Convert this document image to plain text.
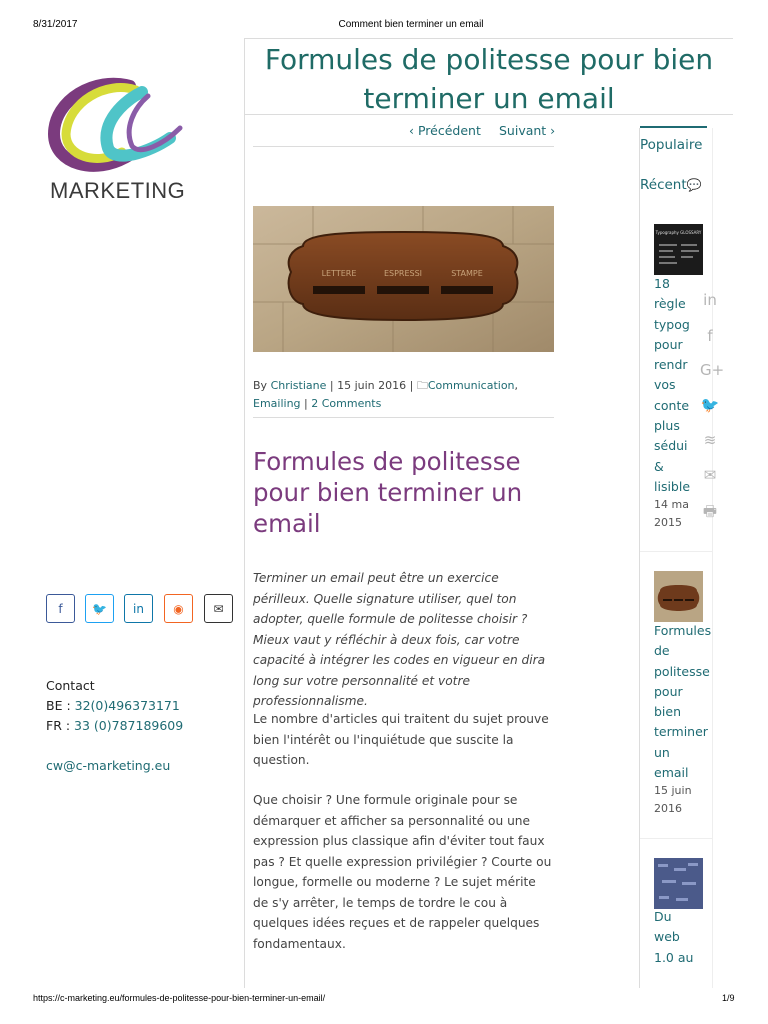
8/31/2017	Comment bien terminer un email
MARKETING
f	🐦	in	◉	✉
Contact
BE : 32(0)496373171
FR : 33 (0)787189609
cw@c-marketing.eu
Formules de politesse pour bien terminer un email
‹ Précédent Suivant ›
LETTERE	ESPRESSI	STAMPE
By Christiane | 15 juin 2016 | 🗀Communication,
Emailing | 2 Comments
Formules de politesse pour bien terminer un email
Terminer un email peut être un exercice périlleux. Quelle signature utiliser, quel ton adopter, quelle formule de politesse choisir ? Mieux vaut y réfléchir à deux fois, car votre capacité à intégrer les codes en vigueur en dira long sur votre personnalité et votre professionnalisme.
Le nombre d'articles qui traitent du sujet prouve bien l'intérêt ou l'inquiétude que suscite la question.
Que choisir ? Une formule originale pour se démarquer et afficher sa personnalité ou une expression plus classique afin d'éviter tout faux pas ? Et quelle expression privilégier ? Courte ou longue, formelle ou moderne ? Le sujet mérite de s'y arrêter, le temps de tordre le cou à quelques idées reçues et de rappeler quelques fondamentaux.
Populaire
Récent💬
Typography GLOSSARY
18
règle
typog
pour
rendr
vos
conte
plus
sédui
&
lisible
14 ma
2015
Formules
de
politesse
pour
bien
terminer
un
email
15 juin
2016
Du
web
1.0 au
in
f
G+
🐦
≋
✉
🖶
https://c-marketing.eu/formules-de-politesse-pour-bien-terminer-un-email/	1/9
